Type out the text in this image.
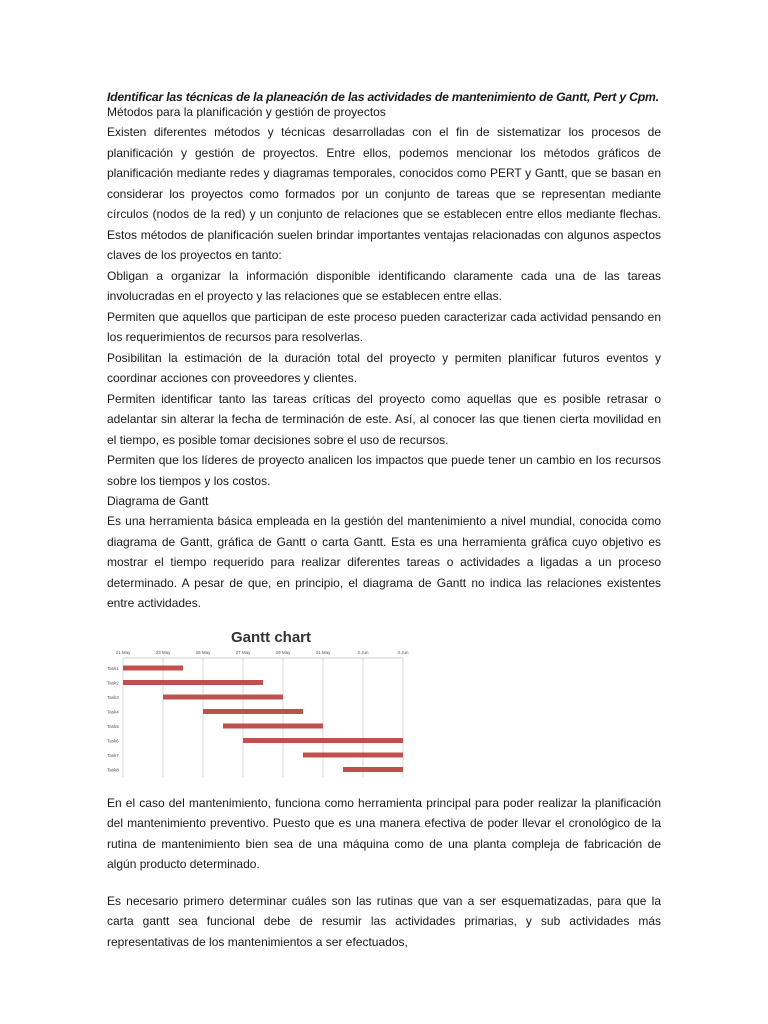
Identificar las técnicas de la planeación de las actividades de mantenimiento de Gantt, Pert y Cpm.

Métodos para la planificación y gestión de proyectos

Existen diferentes métodos y técnicas desarrolladas con el fin de sistematizar los procesos de planificación y gestión de proyectos. Entre ellos, podemos mencionar los métodos gráficos de planificación mediante redes y diagramas temporales, conocidos como PERT y Gantt, que se basan en considerar los proyectos como formados por un conjunto de tareas que se representan mediante círculos (nodos de la red) y un conjunto de relaciones que se establecen entre ellos mediante flechas. Estos métodos de planificación suelen brindar importantes ventajas relacionadas con algunos aspectos claves de los proyectos en tanto:

Obligan a organizar la información disponible identificando claramente cada una de las tareas involucradas en el proyecto y las relaciones que se establecen entre ellas.

Permiten que aquellos que participan de este proceso pueden caracterizar cada actividad pensando en los requerimientos de recursos para resolverlas.

Posibilitan la estimación de la duración total del proyecto y permiten planificar futuros eventos y coordinar acciones con proveedores y clientes.

Permiten identificar tanto las tareas críticas del proyecto como aquellas que es posible retrasar o adelantar sin alterar la fecha de terminación de este. Así, al conocer las que tienen cierta movilidad en el tiempo, es posible tomar decisiones sobre el uso de recursos.

Permiten que los líderes de proyecto analicen los impactos que puede tener un cambio en los recursos sobre los tiempos y los costos.

Diagrama de Gantt

Es una herramienta básica empleada en la gestión del mantenimiento a nivel mundial, conocida como diagrama de Gantt, gráfica de Gantt o carta Gantt. Esta es una herramienta gráfica cuyo objetivo es mostrar el tiempo requerido para realizar diferentes tareas o actividades a ligadas a un proceso determinado. A pesar de que, en principio, el diagrama de Gantt no indica las relaciones existentes entre actividades.

Gantt chart
21 May	23 May	25 May	27 May	29 May	31 May	2 Jun	4 Jun
Task1
Task2
Task3
Task4
Task5
Task6
Task7
Task8

En el caso del mantenimiento, funciona como herramienta principal para poder realizar la planificación del mantenimiento preventivo. Puesto que es una manera efectiva de poder llevar el cronológico de la rutina de mantenimiento bien sea de una máquina como de una planta compleja de fabricación de algún producto determinado.

Es necesario primero determinar cuáles son las rutinas que van a ser esquematizadas, para que la carta gantt sea funcional debe de resumir las actividades primarias, y sub actividades más representativas de los mantenimientos a ser efectuados,
